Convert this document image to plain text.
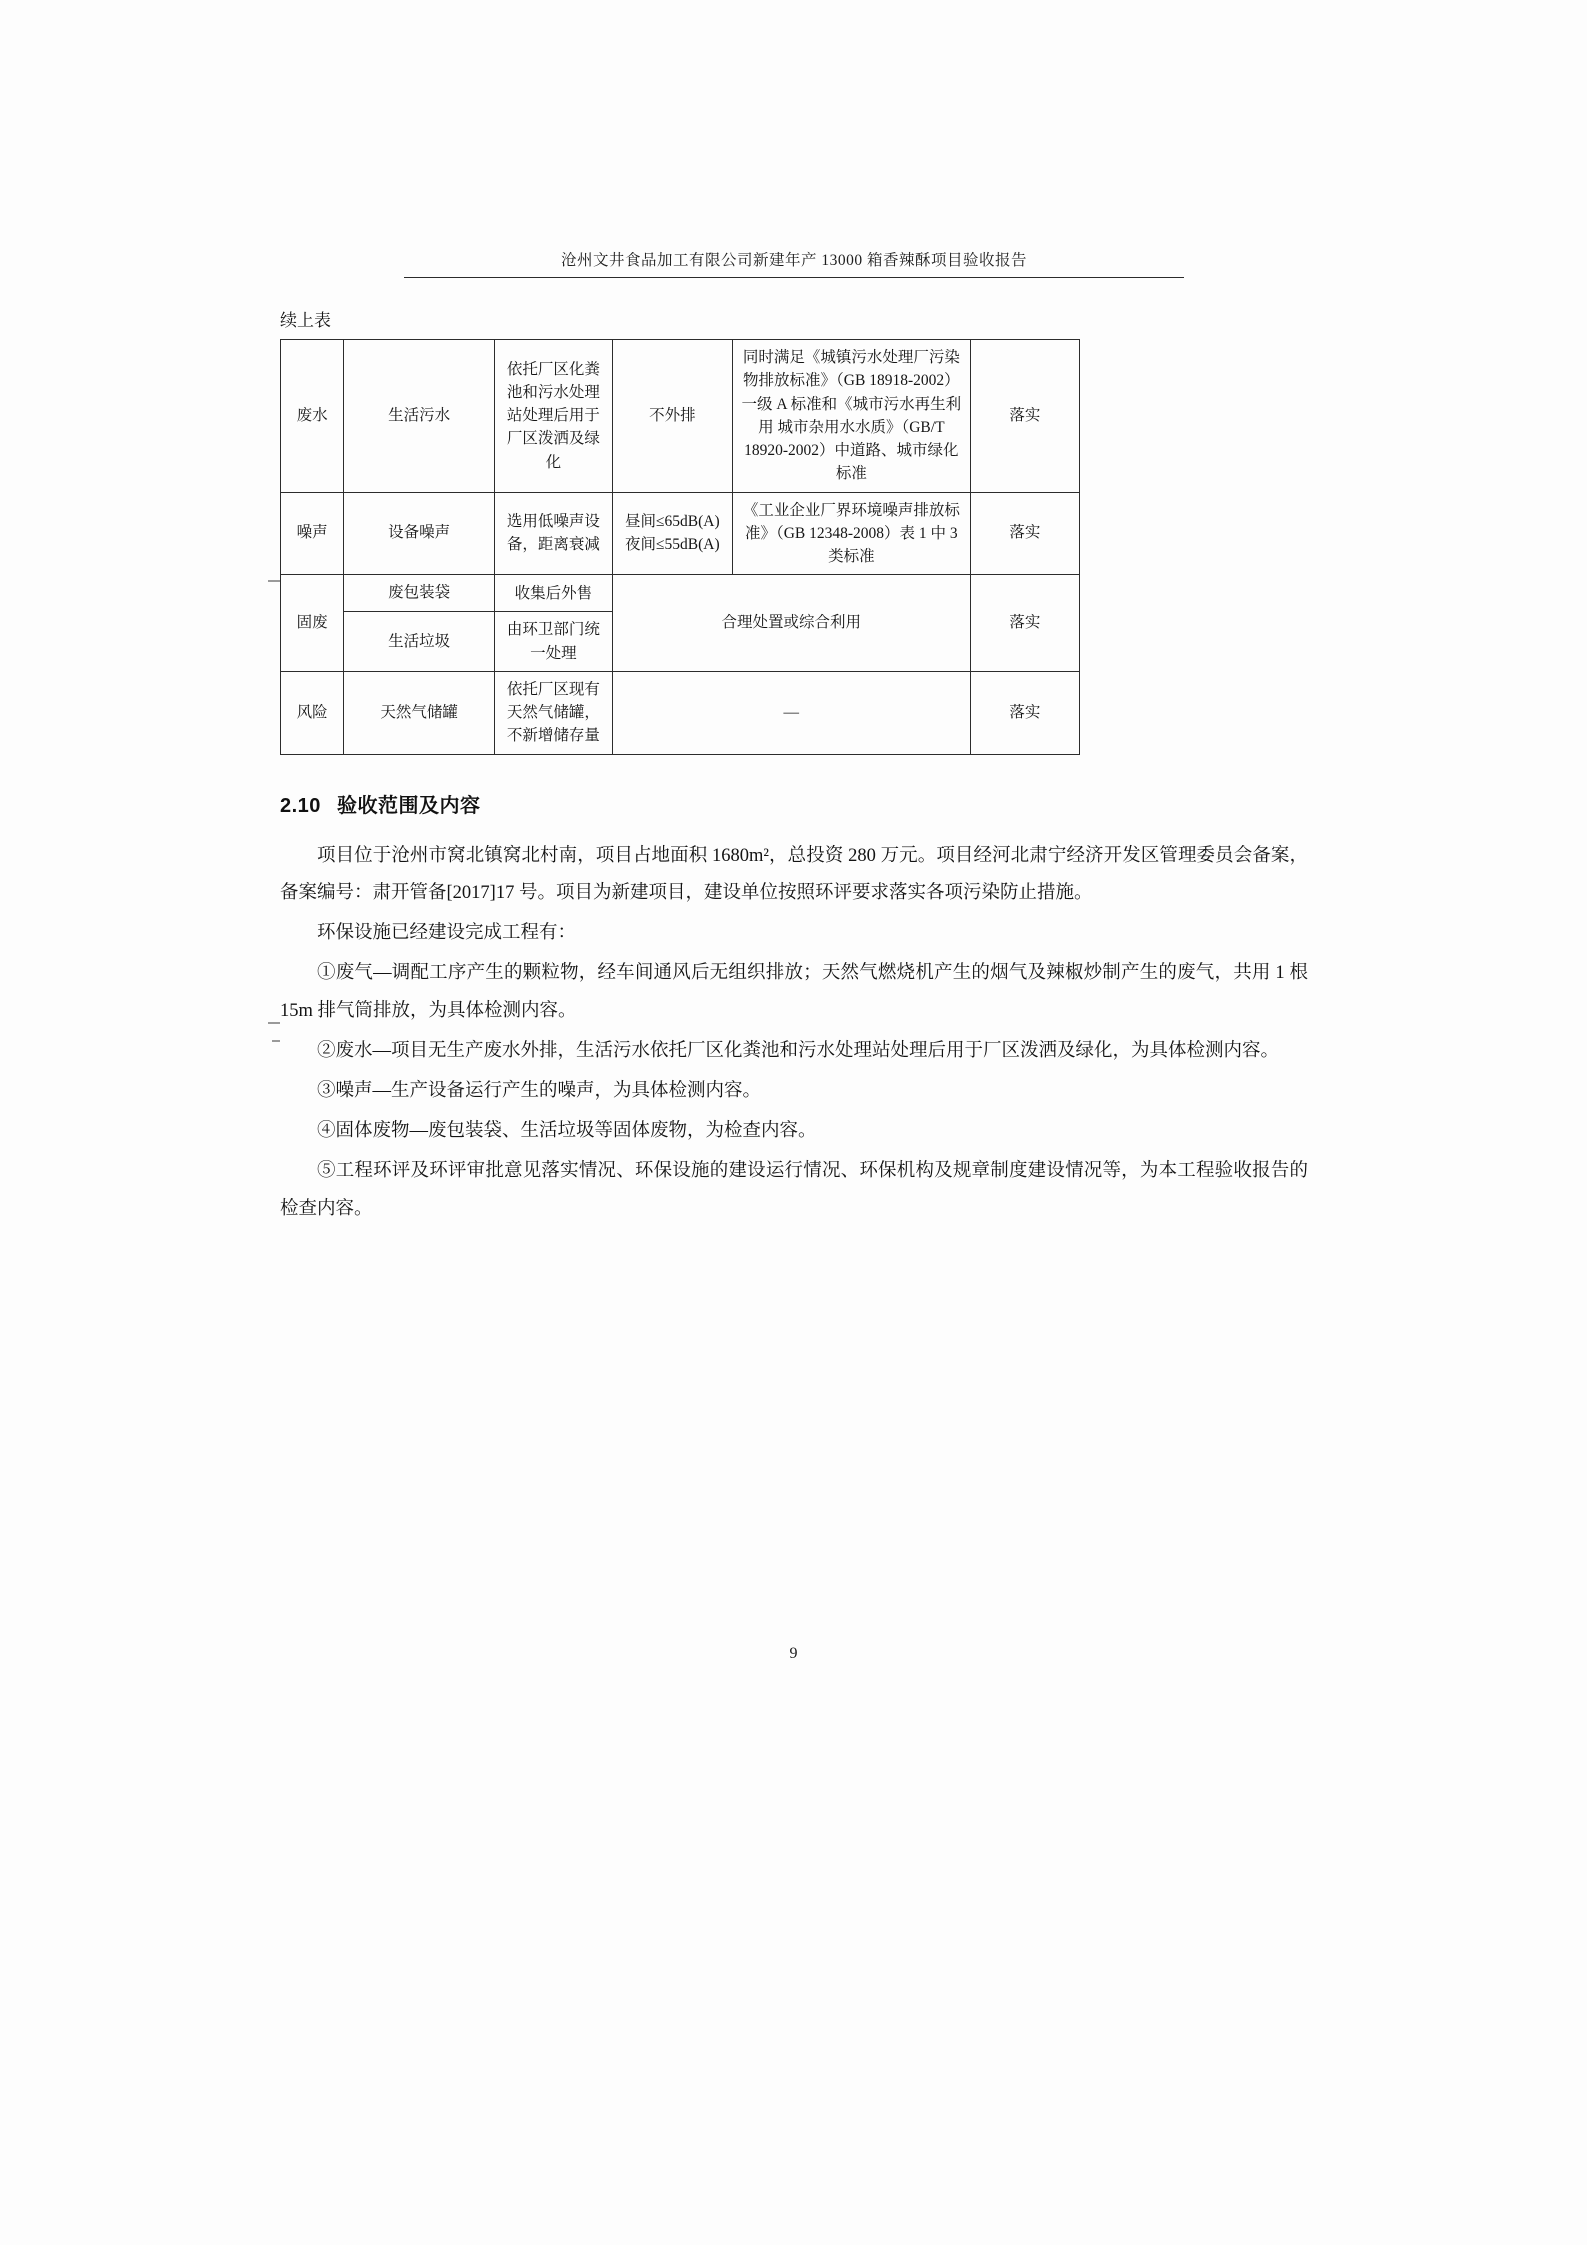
沧州文井食品加工有限公司新建年产 13000 箱香辣酥项目验收报告
续上表
废水	生活污水	依托厂区化粪池和污水处理站处理后用于厂区泼洒及绿化	不外排	同时满足《城镇污水处理厂污染物排放标准》（GB 18918-2002）一级 A 标准和《城市污水再生利用 城市杂用水水质》（GB/T 18920-2002）中道路、城市绿化标准	落实
噪声	设备噪声	选用低噪声设备，距离衰减	昼间≤65dB(A) 夜间≤55dB(A)	《工业企业厂界环境噪声排放标准》（GB 12348-2008）表 1 中 3 类标准	落实
固废	废包装袋	收集后外售	合理处置或综合利用		落实
	生活垃圾	由环卫部门统一处理			
风险	天然气储罐	依托厂区现有天然气储罐，不新增储存量	—		落实
2.10 验收范围及内容

项目位于沧州市窝北镇窝北村南，项目占地面积 1680m²，总投资 280 万元。项目经河北肃宁经济开发区管理委员会备案，备案编号：肃开管备[2017]17 号。项目为新建项目，建设单位按照环评要求落实各项污染防止措施。

环保设施已经建设完成工程有：

①废气—调配工序产生的颗粒物，经车间通风后无组织排放；天然气燃烧机产生的烟气及辣椒炒制产生的废气，共用 1 根 15m 排气筒排放，为具体检测内容。

②废水—项目无生产废水外排，生活污水依托厂区化粪池和污水处理站处理后用于厂区泼洒及绿化，为具体检测内容。

③噪声—生产设备运行产生的噪声，为具体检测内容。

④固体废物—废包装袋、生活垃圾等固体废物，为检查内容。

⑤工程环评及环评审批意见落实情况、环保设施的建设运行情况、环保机构及规章制度建设情况等，为本工程验收报告的检查内容。

9
